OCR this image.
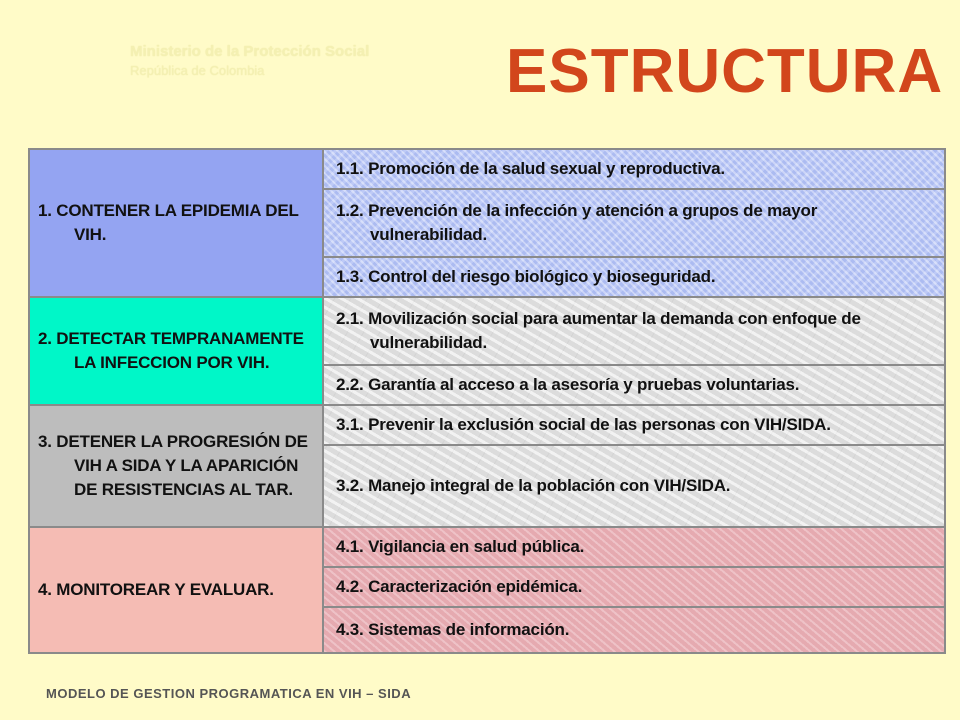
Ministerio de la Protección Social
República de Colombia	ESTRUCTURA
1. CONTENER LA EPIDEMIA DEL VIH.
1.1. Promoción de la salud sexual y reproductiva.
1.2. Prevención de la infección y atención a grupos de mayor vulnerabilidad.
1.3. Control del riesgo biológico y bioseguridad.
2. DETECTAR TEMPRANAMENTE LA INFECCION POR VIH.
2.1. Movilización social para aumentar la demanda con enfoque de vulnerabilidad.
2.2. Garantía al acceso a la asesoría y pruebas voluntarias.
3. DETENER LA PROGRESIÓN DE VIH A SIDA Y LA APARICIÓN DE RESISTENCIAS AL TAR.
3.1. Prevenir la exclusión social de las personas con VIH/SIDA.
3.2. Manejo integral de la población con VIH/SIDA.
4. MONITOREAR Y EVALUAR.
4.1. Vigilancia en salud pública.
4.2. Caracterización epidémica.
4.3. Sistemas de información.
MODELO DE GESTION PROGRAMATICA EN VIH – SIDA
